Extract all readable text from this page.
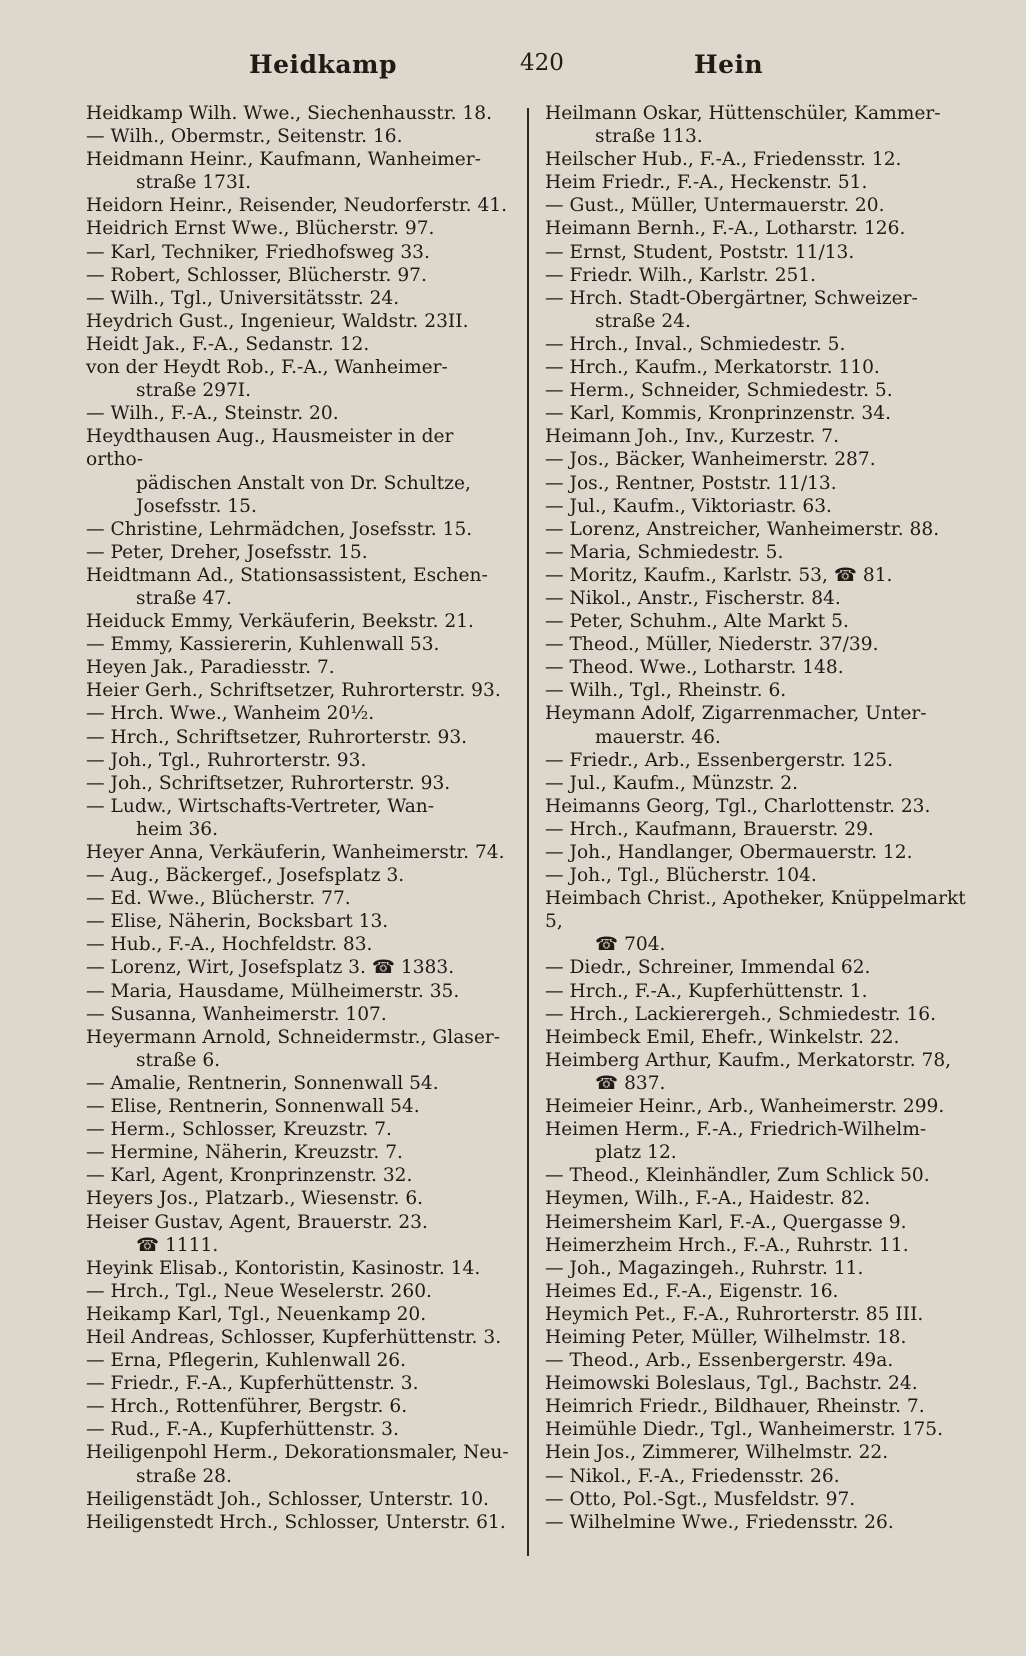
Heidkamp	420	Hein
Heidkamp Wilh. Wwe., Siechenhausstr. 18.
— Wilh., Obermstr., Seitenstr. 16.
Heidmann Heinr., Kaufmann, Wanheimer-
straße 173I.
Heidorn Heinr., Reisender, Neudorferstr. 41.
Heidrich Ernst Wwe., Blücherstr. 97.
— Karl, Techniker, Friedhofsweg 33.
— Robert, Schlosser, Blücherstr. 97.
— Wilh., Tgl., Universitätsstr. 24.
Heydrich Gust., Ingenieur, Waldstr. 23II.
Heidt Jak., F.-A., Sedanstr. 12.
von der Heydt Rob., F.-A., Wanheimer-
straße 297I.
— Wilh., F.-A., Steinstr. 20.
Heydthausen Aug., Hausmeister in der ortho-
pädischen Anstalt von Dr. Schultze,
Josefsstr. 15.
— Christine, Lehrmädchen, Josefsstr. 15.
— Peter, Dreher, Josefsstr. 15.
Heidtmann Ad., Stationsassistent, Eschen-
straße 47.
Heiduck Emmy, Verkäuferin, Beekstr. 21.
— Emmy, Kassiererin, Kuhlenwall 53.
Heyen Jak., Paradiesstr. 7.
Heier Gerh., Schriftsetzer, Ruhrorterstr. 93.
— Hrch. Wwe., Wanheim 20½.
— Hrch., Schriftsetzer, Ruhrorterstr. 93.
— Joh., Tgl., Ruhrorterstr. 93.
— Joh., Schriftsetzer, Ruhrorterstr. 93.
— Ludw., Wirtschafts-Vertreter, Wan-
heim 36.
Heyer Anna, Verkäuferin, Wanheimerstr. 74.
— Aug., Bäckergef., Josefsplatz 3.
— Ed. Wwe., Blücherstr. 77.
— Elise, Näherin, Bocksbart 13.
— Hub., F.-A., Hochfeldstr. 83.
— Lorenz, Wirt, Josefsplatz 3. ☎ 1383.
— Maria, Hausdame, Mülheimerstr. 35.
— Susanna, Wanheimerstr. 107.
Heyermann Arnold, Schneidermstr., Glaser-
straße 6.
— Amalie, Rentnerin, Sonnenwall 54.
— Elise, Rentnerin, Sonnenwall 54.
— Herm., Schlosser, Kreuzstr. 7.
— Hermine, Näherin, Kreuzstr. 7.
— Karl, Agent, Kronprinzenstr. 32.
Heyers Jos., Platzarb., Wiesenstr. 6.
Heiser Gustav, Agent, Brauerstr. 23.
☎ 1111.
Heyink Elisab., Kontoristin, Kasinostr. 14.
— Hrch., Tgl., Neue Weselerstr. 260.
Heikamp Karl, Tgl., Neuenkamp 20.
Heil Andreas, Schlosser, Kupferhüttenstr. 3.
— Erna, Pflegerin, Kuhlenwall 26.
— Friedr., F.-A., Kupferhüttenstr. 3.
— Hrch., Rottenführer, Bergstr. 6.
— Rud., F.-A., Kupferhüttenstr. 3.
Heiligenpohl Herm., Dekorationsmaler, Neu-
straße 28.
Heiligenstädt Joh., Schlosser, Unterstr. 10.
Heiligenstedt Hrch., Schlosser, Unterstr. 61.
Heilmann Oskar, Hüttenschüler, Kammer-
straße 113.
Heilscher Hub., F.-A., Friedensstr. 12.
Heim Friedr., F.-A., Heckenstr. 51.
— Gust., Müller, Untermauerstr. 20.
Heimann Bernh., F.-A., Lotharstr. 126.
— Ernst, Student, Poststr. 11/13.
— Friedr. Wilh., Karlstr. 251.
— Hrch. Stadt-Obergärtner, Schweizer-
straße 24.
— Hrch., Inval., Schmiedestr. 5.
— Hrch., Kaufm., Merkatorstr. 110.
— Herm., Schneider, Schmiedestr. 5.
— Karl, Kommis, Kronprinzenstr. 34.
Heimann Joh., Inv., Kurzestr. 7.
— Jos., Bäcker, Wanheimerstr. 287.
— Jos., Rentner, Poststr. 11/13.
— Jul., Kaufm., Viktoriastr. 63.
— Lorenz, Anstreicher, Wanheimerstr. 88.
— Maria, Schmiedestr. 5.
— Moritz, Kaufm., Karlstr. 53, ☎ 81.
— Nikol., Anstr., Fischerstr. 84.
— Peter, Schuhm., Alte Markt 5.
— Theod., Müller, Niederstr. 37/39.
— Theod. Wwe., Lotharstr. 148.
— Wilh., Tgl., Rheinstr. 6.
Heymann Adolf, Zigarrenmacher, Unter-
mauerstr. 46.
— Friedr., Arb., Essenbergerstr. 125.
— Jul., Kaufm., Münzstr. 2.
Heimanns Georg, Tgl., Charlottenstr. 23.
— Hrch., Kaufmann, Brauerstr. 29.
— Joh., Handlanger, Obermauerstr. 12.
— Joh., Tgl., Blücherstr. 104.
Heimbach Christ., Apotheker, Knüppelmarkt 5,
☎ 704.
— Diedr., Schreiner, Immendal 62.
— Hrch., F.-A., Kupferhüttenstr. 1.
— Hrch., Lackierergeh., Schmiedestr. 16.
Heimbeck Emil, Ehefr., Winkelstr. 22.
Heimberg Arthur, Kaufm., Merkatorstr. 78,
☎ 837.
Heimeier Heinr., Arb., Wanheimerstr. 299.
Heimen Herm., F.-A., Friedrich-Wilhelm-
platz 12.
— Theod., Kleinhändler, Zum Schlick 50.
Heymen, Wilh., F.-A., Haidestr. 82.
Heimersheim Karl, F.-A., Quergasse 9.
Heimerzheim Hrch., F.-A., Ruhrstr. 11.
— Joh., Magazingeh., Ruhrstr. 11.
Heimes Ed., F.-A., Eigenstr. 16.
Heymich Pet., F.-A., Ruhrorterstr. 85 III.
Heiming Peter, Müller, Wilhelmstr. 18.
— Theod., Arb., Essenbergerstr. 49a.
Heimowski Boleslaus, Tgl., Bachstr. 24.
Heimrich Friedr., Bildhauer, Rheinstr. 7.
Heimühle Diedr., Tgl., Wanheimerstr. 175.
Hein Jos., Zimmerer, Wilhelmstr. 22.
— Nikol., F.-A., Friedensstr. 26.
— Otto, Pol.-Sgt., Musfeldstr. 97.
— Wilhelmine Wwe., Friedensstr. 26.
